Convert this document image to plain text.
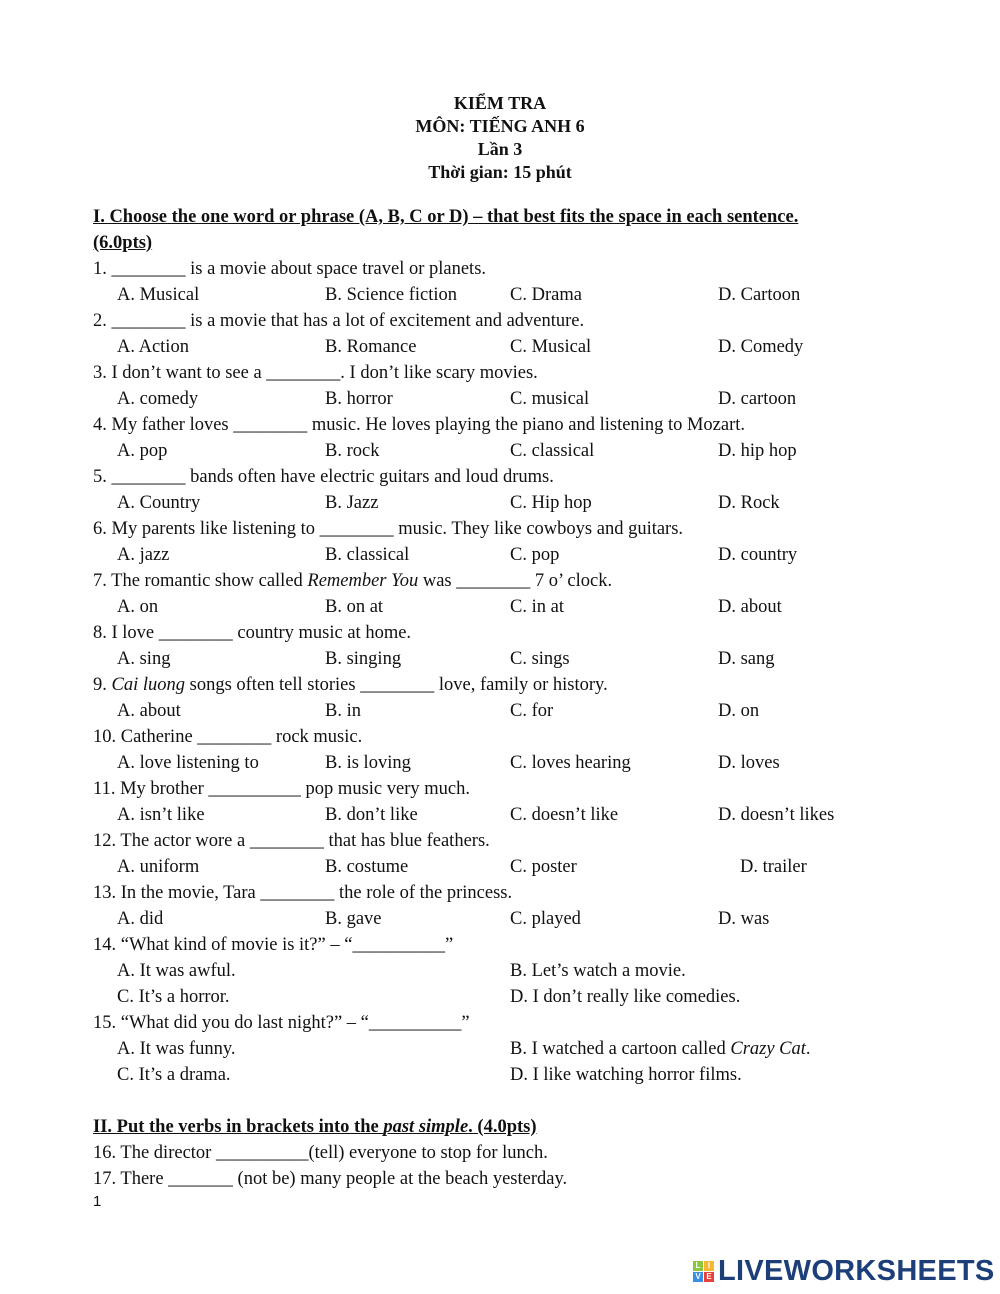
KIỂM TRA
MÔN: TIẾNG ANH 6
Lần 3
Thời gian: 15 phút
I. Choose the one word or phrase (A, B, C or D) – that best fits the space in each sentence.
(6.0pts)
1. ________ is a movie about space travel or planets.
A. Musical	B. Science fiction	C. Drama	D. Cartoon
2. ________ is a movie that has a lot of excitement and adventure.
A. Action	B. Romance	C. Musical	D. Comedy
3. I don’t want to see a ________. I don’t like scary movies.
A. comedy	B. horror	C. musical	D. cartoon
4. My father loves ________ music. He loves playing the piano and listening to Mozart.
A. pop	B. rock	C. classical	D. hip hop
5. ________ bands often have electric guitars and loud drums.
A. Country	B. Jazz	C. Hip hop	D. Rock
6. My parents like listening to ________ music. They like cowboys and guitars.
A. jazz	B. classical	C. pop	D. country
7. The romantic show called Remember You was ________ 7 o’ clock.
A. on	B. on at	C. in at	D. about
8. I love ________ country music at home.
A. sing	B. singing	C. sings	D. sang
9. Cai luong songs often tell stories ________ love, family or history.
A. about	B. in	C. for	D. on
10. Catherine ________ rock music.
A. love listening to	B. is loving	C. loves hearing	D. loves
11. My brother __________ pop music very much.
A. isn’t like	B. don’t like	C. doesn’t like	D. doesn’t likes
12. The actor wore a ________ that has blue feathers.
A. uniform	B. costume	C. poster	D. trailer
13. In the movie, Tara ________ the role of the princess.
A. did	B. gave	C. played	D. was
14. “What kind of movie is it?” – “__________”
A. It was awful.	B. Let’s watch a movie.
C. It’s a horror.	D. I don’t really like comedies.
15. “What did you do last night?” – “__________”
A. It was funny.	B. I watched a cartoon called Crazy Cat.
C. It’s a drama.	D. I like watching horror films.
II. Put the verbs in brackets into the past simple. (4.0pts)
16. The director __________(tell) everyone to stop for lunch.
17. There _______ (not be) many people at the beach yesterday.
1
L I
V E LIVEWORKSHEETS
